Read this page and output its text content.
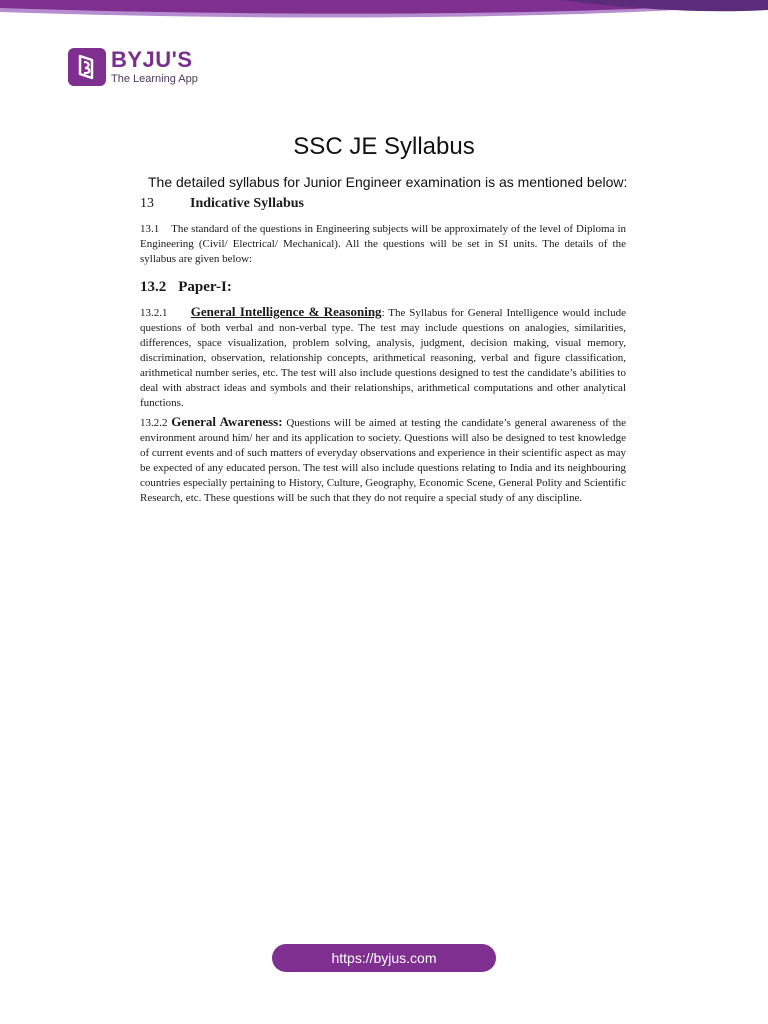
BYJU'S
The Learning App
SSC JE Syllabus
The detailed syllabus for Junior Engineer examination is as mentioned below:
13	Indicative Syllabus

13.1 The standard of the questions in Engineering subjects will be approximately of the level of Diploma in Engineering (Civil/ Electrical/ Mechanical). All the questions will be set in SI units. The details of the syllabus are given below:

13.2 Paper-I:

13.2.1 General Intelligence & Reasoning: The Syllabus for General Intelligence would include questions of both verbal and non-verbal type. The test may include questions on analogies, similarities, differences, space visualization, problem solving, analysis, judgment, decision making, visual memory, discrimination, observation, relationship concepts, arithmetical reasoning, verbal and figure classification, arithmetical number series, etc. The test will also include questions designed to test the candidate’s abilities to deal with abstract ideas and symbols and their relationships, arithmetical computations and other analytical functions.

13.2.2 General Awareness: Questions will be aimed at testing the candidate’s general awareness of the environment around him/ her and its application to society. Questions will also be designed to test knowledge of current events and of such matters of everyday observations and experience in their scientific aspect as may be expected of any educated person. The test will also include questions relating to India and its neighbouring countries especially pertaining to History, Culture, Geography, Economic Scene, General Polity and Scientific Research, etc. These questions will be such that they do not require a special study of any discipline.

https://byjus.com
